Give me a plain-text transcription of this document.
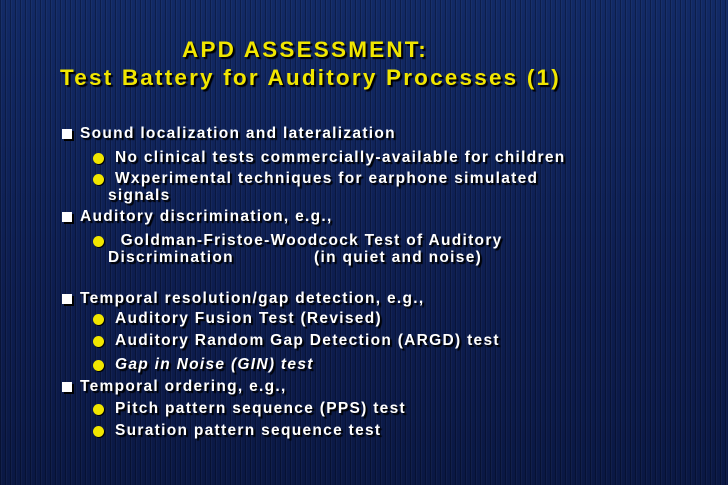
APD ASSESSMENT:
Test Battery for Auditory Processes (1)
Sound localization and lateralization
No clinical tests commercially-available for children
Wxperimental techniques for earphone simulated
signals
Auditory discrimination, e.g.,
Goldman-Fristoe-Woodcock Test of Auditory
Discrimination	(in quiet and noise)
Temporal resolution/gap detection, e.g.,
Auditory Fusion Test (Revised)
Auditory Random Gap Detection (ARGD) test
Gap in Noise (GIN) test
Temporal ordering, e.g.,
Pitch pattern sequence (PPS) test
Suration pattern sequence test
